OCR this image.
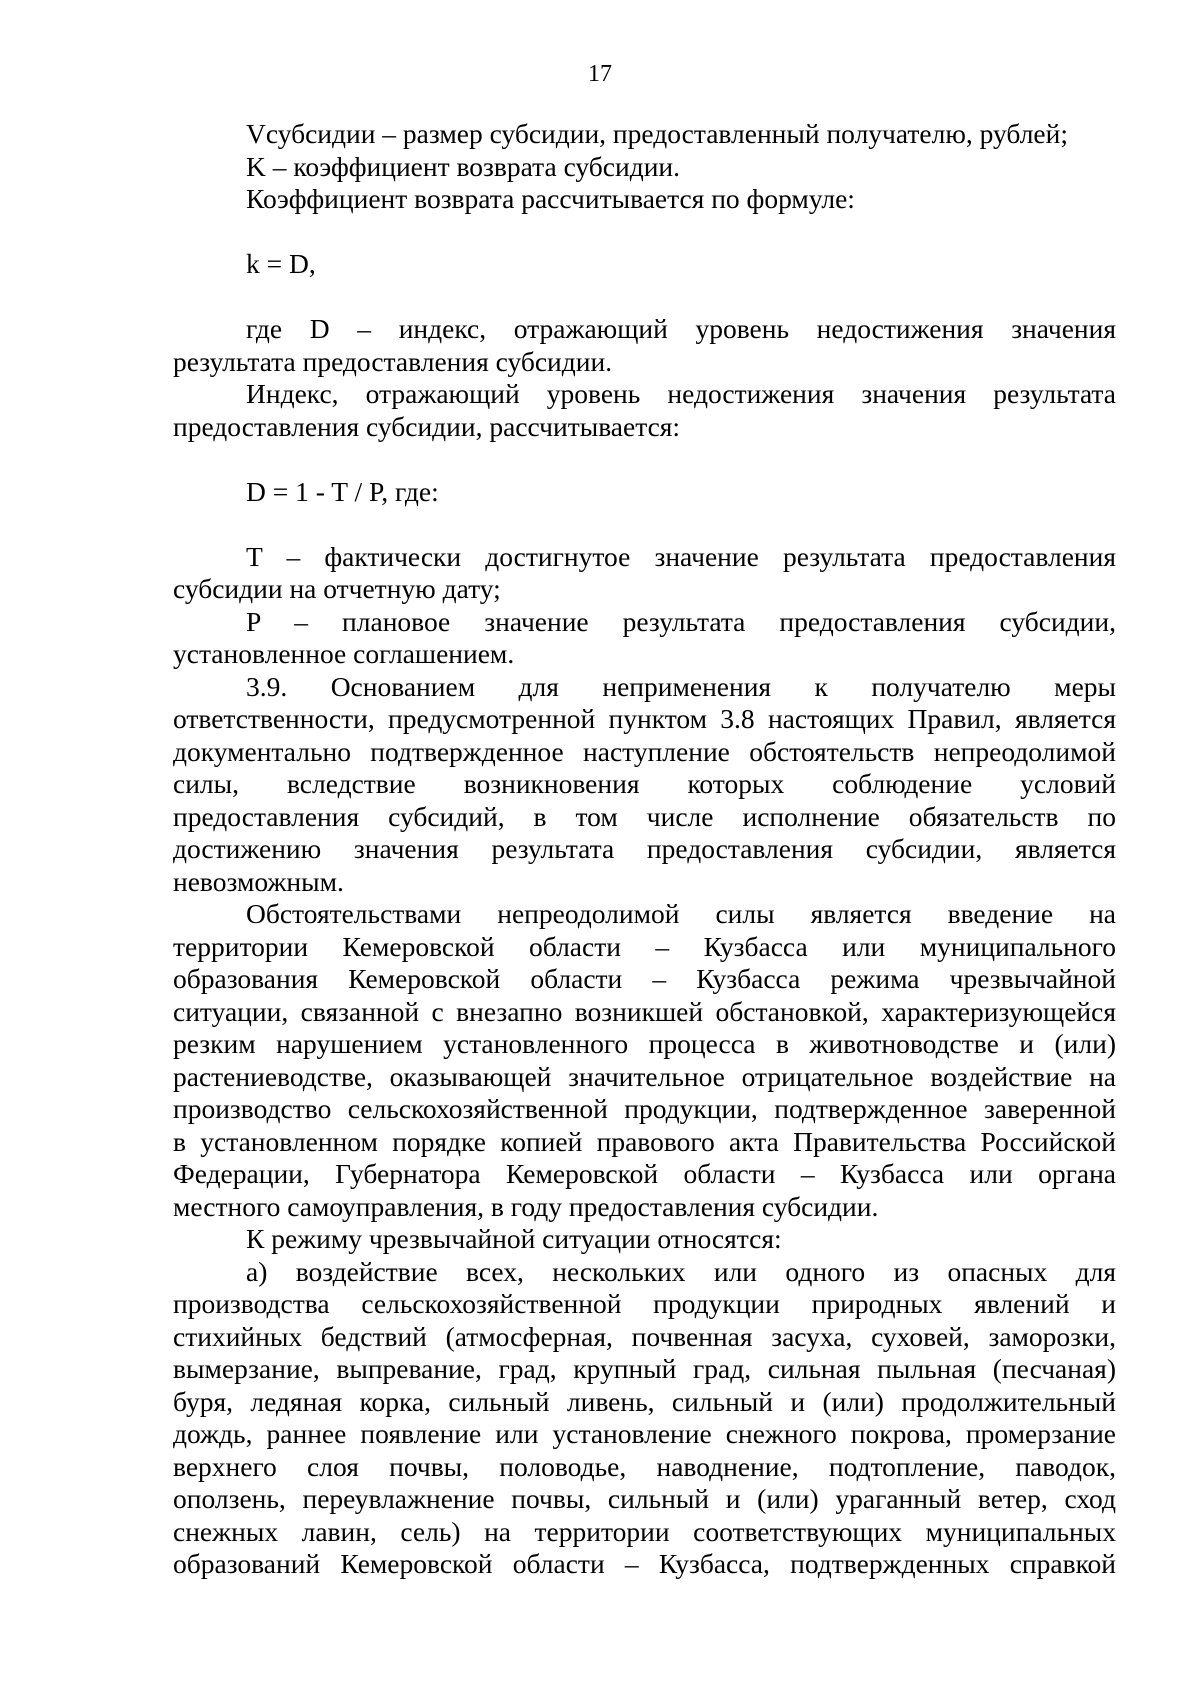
17
Vсубсидии – размер субсидии, предоставленный получателю, рублей;
K – коэффициент возврата субсидии.
Коэффициент возврата рассчитывается по формуле:
k = D,
где D – индекс, отражающий уровень недостижения значения
результата предоставления субсидии.
Индекс, отражающий уровень недостижения значения результата
предоставления субсидии, рассчитывается:
D = 1 - T / P, где:
T – фактически достигнутое значение результата предоставления
субсидии на отчетную дату;
P – плановое значение результата предоставления субсидии,
установленное соглашением.
3.9. Основанием для неприменения к получателю меры
ответственности, предусмотренной пунктом 3.8 настоящих Правил, является
документально подтвержденное наступление обстоятельств непреодолимой
силы, вследствие возникновения которых соблюдение условий
предоставления субсидий, в том числе исполнение обязательств по
достижению значения результата предоставления субсидии, является
невозможным.
Обстоятельствами непреодолимой силы является введение на
территории Кемеровской области – Кузбасса или муниципального
образования Кемеровской области – Кузбасса режима чрезвычайной
ситуации, связанной с внезапно возникшей обстановкой, характеризующейся
резким нарушением установленного процесса в животноводстве и (или)
растениеводстве, оказывающей значительное отрицательное воздействие на
производство сельскохозяйственной продукции, подтвержденное заверенной
в установленном порядке копией правового акта Правительства Российской
Федерации, Губернатора Кемеровской области – Кузбасса или органа
местного самоуправления, в году предоставления субсидии.
К режиму чрезвычайной ситуации относятся:
а) воздействие всех, нескольких или одного из опасных для
производства сельскохозяйственной продукции природных явлений и
стихийных бедствий (атмосферная, почвенная засуха, суховей, заморозки,
вымерзание, выпревание, град, крупный град, сильная пыльная (песчаная)
буря, ледяная корка, сильный ливень, сильный и (или) продолжительный
дождь, раннее появление или установление снежного покрова, промерзание
верхнего слоя почвы, половодье, наводнение, подтопление, паводок,
оползень, переувлажнение почвы, сильный и (или) ураганный ветер, сход
снежных лавин, сель) на территории соответствующих муниципальных
образований Кемеровской области – Кузбасса, подтвержденных справкой
